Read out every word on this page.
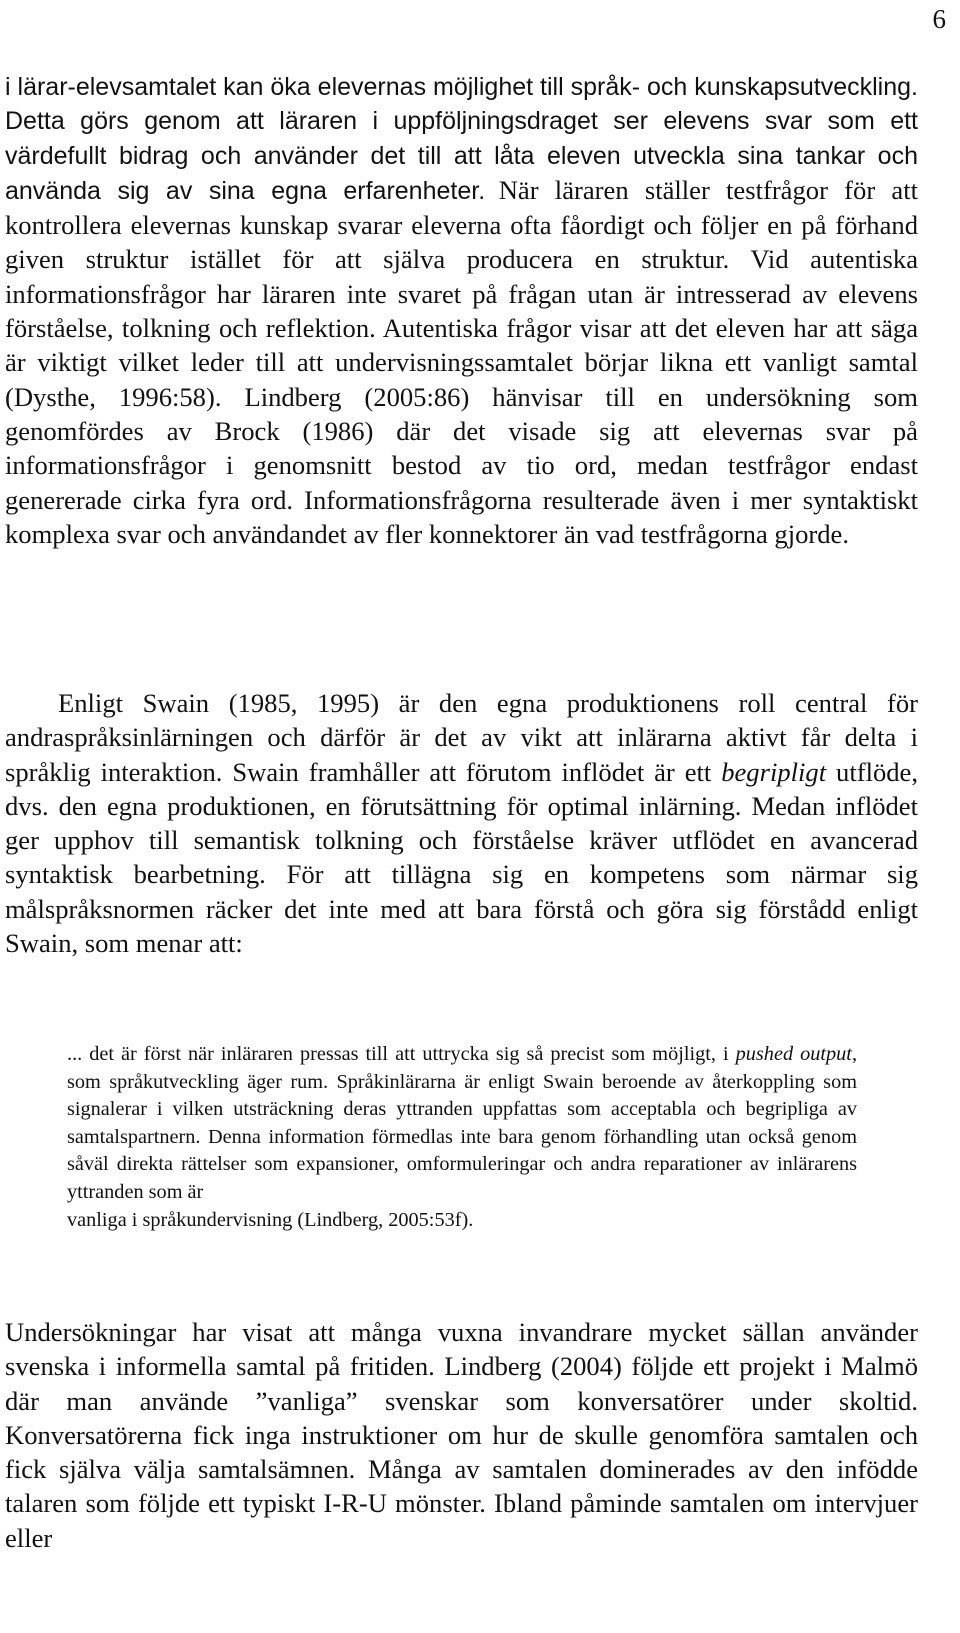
6
i lärar-elevsamtalet kan öka elevernas möjlighet till språk- och kunskapsutveckling. Detta görs genom att läraren i uppföljningsdraget ser elevens svar som ett värdefullt bidrag och använder det till att låta eleven utveckla sina tankar och använda sig av sina egna erfarenheter. När läraren ställer testfrågor för att kontrollera elevernas kunskap svarar eleverna ofta fåordigt och följer en på förhand given struktur istället för att själva producera en struktur. Vid autentiska informationsfrågor har läraren inte svaret på frågan utan är intresserad av elevens förståelse, tolkning och reflektion. Autentiska frågor visar att det eleven har att säga är viktigt vilket leder till att undervisningssamtalet börjar likna ett vanligt samtal (Dysthe, 1996:58). Lindberg (2005:86) hänvisar till en undersökning som genomfördes av Brock (1986) där det visade sig att elevernas svar på informationsfrågor i genomsnitt bestod av tio ord, medan testfrågor endast genererade cirka fyra ord. Informationsfrågorna resulterade även i mer syntaktiskt komplexa svar och användandet av fler konnektorer än vad testfrågorna gjorde.
Enligt Swain (1985, 1995) är den egna produktionens roll central för andraspråksinlärningen och därför är det av vikt att inlärarna aktivt får delta i språklig interaktion. Swain framhåller att förutom inflödet är ett begripligt utflöde, dvs. den egna produktionen, en förutsättning för optimal inlärning. Medan inflödet ger upphov till semantisk tolkning och förståelse kräver utflödet en avancerad syntaktisk bearbetning. För att tillägna sig en kompetens som närmar sig målspråksnormen räcker det inte med att bara förstå och göra sig förstådd enligt Swain, som menar att:
... det är först när inläraren pressas till att uttrycka sig så precist som möjligt, i pushed output, som språkutveckling äger rum. Språkinlärarna är enligt Swain beroende av återkoppling som signalerar i vilken utsträckning deras yttranden uppfattas som acceptabla och begripliga av samtalspartnern. Denna information förmedlas inte bara genom förhandling utan också genom såväl direkta rättelser som expansioner, omformuleringar och andra reparationer av inlärarens yttranden som är
vanliga i språkundervisning (Lindberg, 2005:53f).
Undersökningar har visat att många vuxna invandrare mycket sällan använder svenska i informella samtal på fritiden. Lindberg (2004) följde ett projekt i Malmö där man använde ”vanliga” svenskar som konversatörer under skoltid. Konversatörerna fick inga instruktioner om hur de skulle genomföra samtalen och fick själva välja samtalsämnen. Många av samtalen dominerades av den infödde talaren som följde ett typiskt I-R-U mönster. Ibland påminde samtalen om intervjuer eller
